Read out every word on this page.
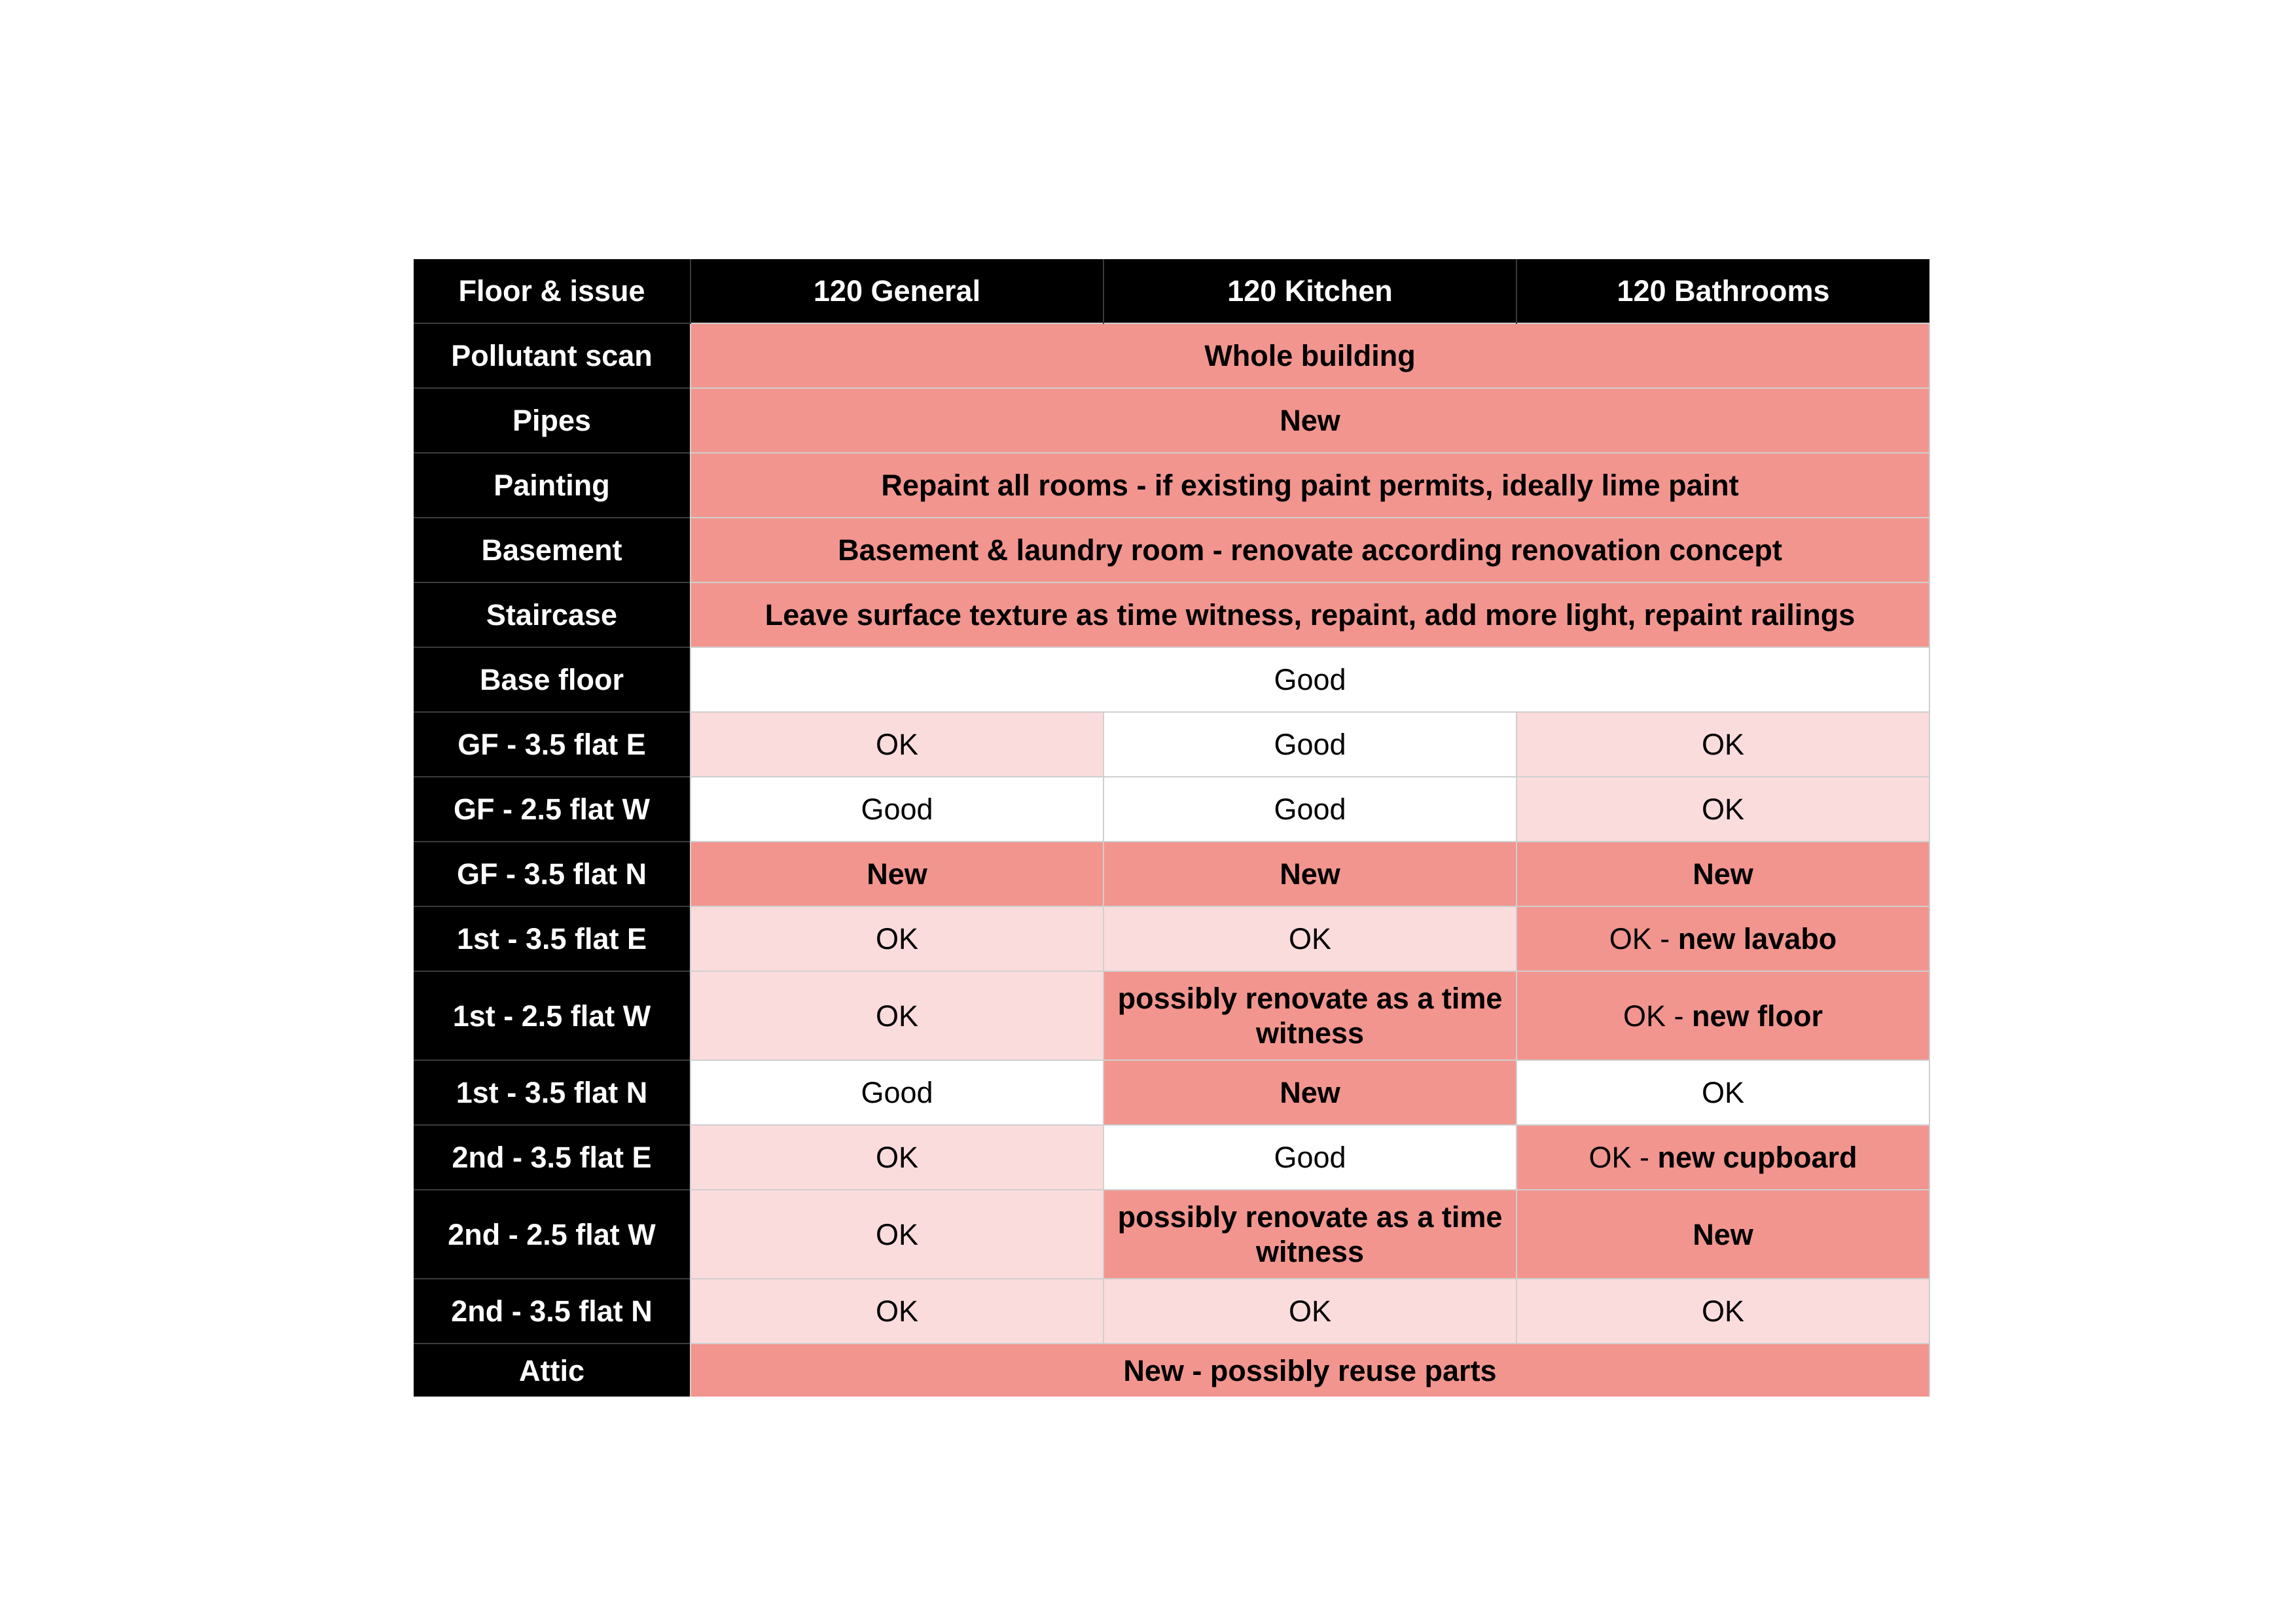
Floor & issue	120 General	120 Kitchen	120 Bathrooms
Pollutant scan	Whole building		
Pipes	New		
Painting	Repaint all rooms - if existing paint permits, ideally lime paint		
Basement	Basement & laundry room - renovate according renovation concept		
Staircase	Leave surface texture as time witness, repaint, add more light, repaint railings		
Base floor	Good		
GF - 3.5 flat E	OK	Good	OK
GF - 2.5 flat W	Good	Good	OK
GF - 3.5 flat N	New	New	New
1st - 3.5 flat E	OK	OK	OK - new lavabo
1st - 2.5 flat W	OK	possibly renovate as a time witness	OK - new floor
1st - 3.5 flat N	Good	New	OK
2nd - 3.5 flat E	OK	Good	OK - new cupboard
2nd - 2.5 flat W	OK	possibly renovate as a time witness	New
2nd - 3.5 flat N	OK	OK	OK
Attic	New - possibly reuse parts		
